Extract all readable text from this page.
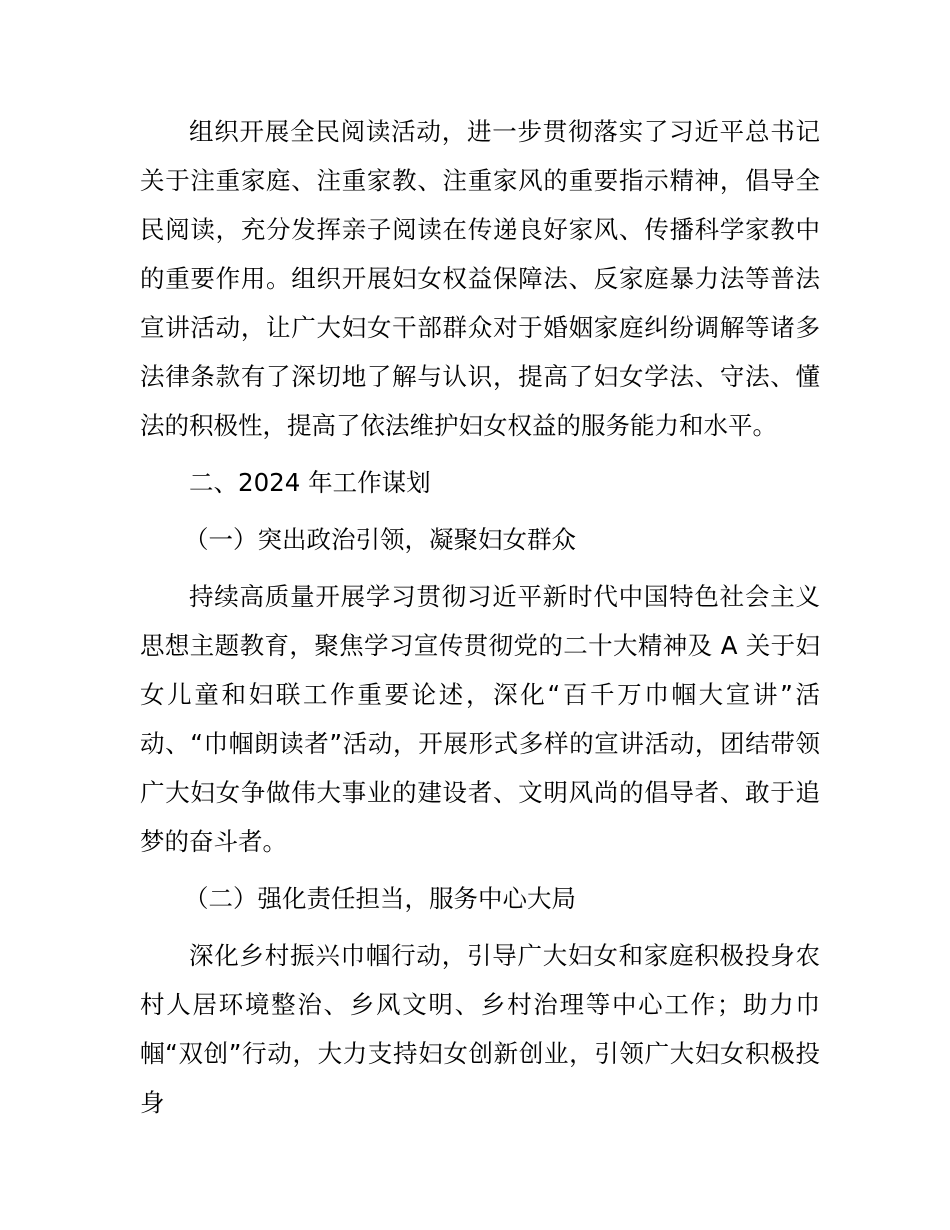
组织开展全民阅读活动，进一步贯彻落实了习近平总书记关于注重家庭、注重家教、注重家风的重要指示精神，倡导全民阅读，充分发挥亲子阅读在传递良好家风、传播科学家教中的重要作用。组织开展妇女权益保障法、反家庭暴力法等普法宣讲活动，让广大妇女干部群众对于婚姻家庭纠纷调解等诸多法律条款有了深切地了解与认识，提高了妇女学法、守法、懂法的积极性，提高了依法维护妇女权益的服务能力和水平。

二、2024 年工作谋划

（一）突出政治引领，凝聚妇女群众

持续高质量开展学习贯彻习近平新时代中国特色社会主义思想主题教育，聚焦学习宣传贯彻党的二十大精神及 A 关于妇女儿童和妇联工作重要论述，深化“百千万巾帼大宣讲”活动、“巾帼朗读者”活动，开展形式多样的宣讲活动，团结带领广大妇女争做伟大事业的建设者、文明风尚的倡导者、敢于追梦的奋斗者。

（二）强化责任担当，服务中心大局

深化乡村振兴巾帼行动，引导广大妇女和家庭积极投身农村人居环境整治、乡风文明、乡村治理等中心工作；助力巾帼“双创”行动，大力支持妇女创新创业，引领广大妇女积极投身
